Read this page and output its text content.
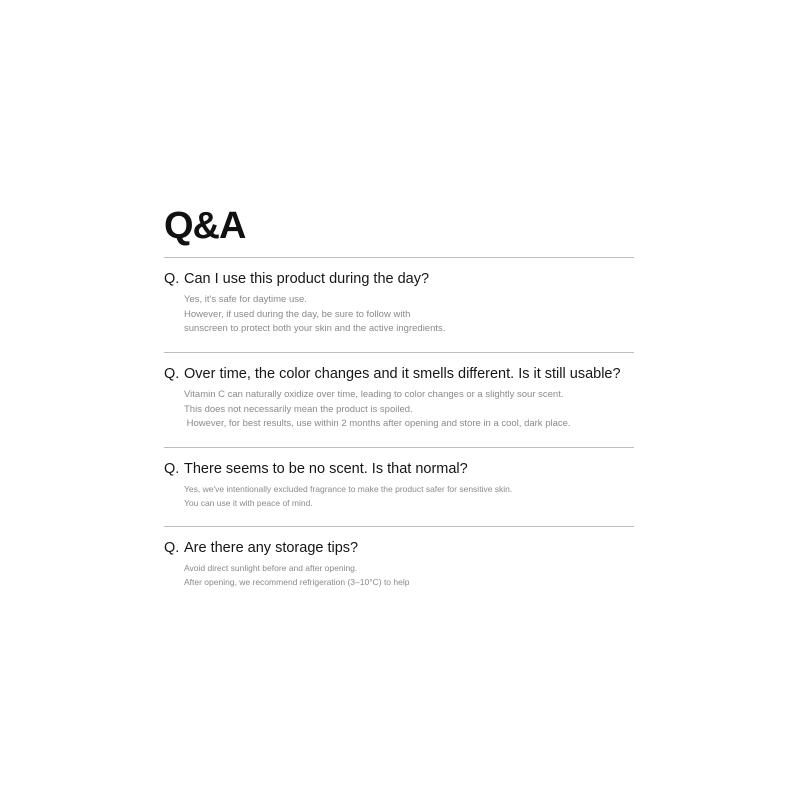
Q&A
Q. Can I use this product during the day?
Yes, it's safe for daytime use.
However, if used during the day, be sure to follow with
sunscreen to protect both your skin and the active ingredients.
Q. Over time, the color changes and it smells different. Is it still usable?
Vitamin C can naturally oxidize over time, leading to color changes or a slightly sour scent.
This does not necessarily mean the product is spoiled.
However, for best results, use within 2 months after opening and store in a cool, dark place.
Q. There seems to be no scent. Is that normal?
Yes, we've intentionally excluded fragrance to make the product safer for sensitive skin.
You can use it with peace of mind.
Q. Are there any storage tips?
Avoid direct sunlight before and after opening.
After opening, we recommend refrigeration (3–10°C) to help
